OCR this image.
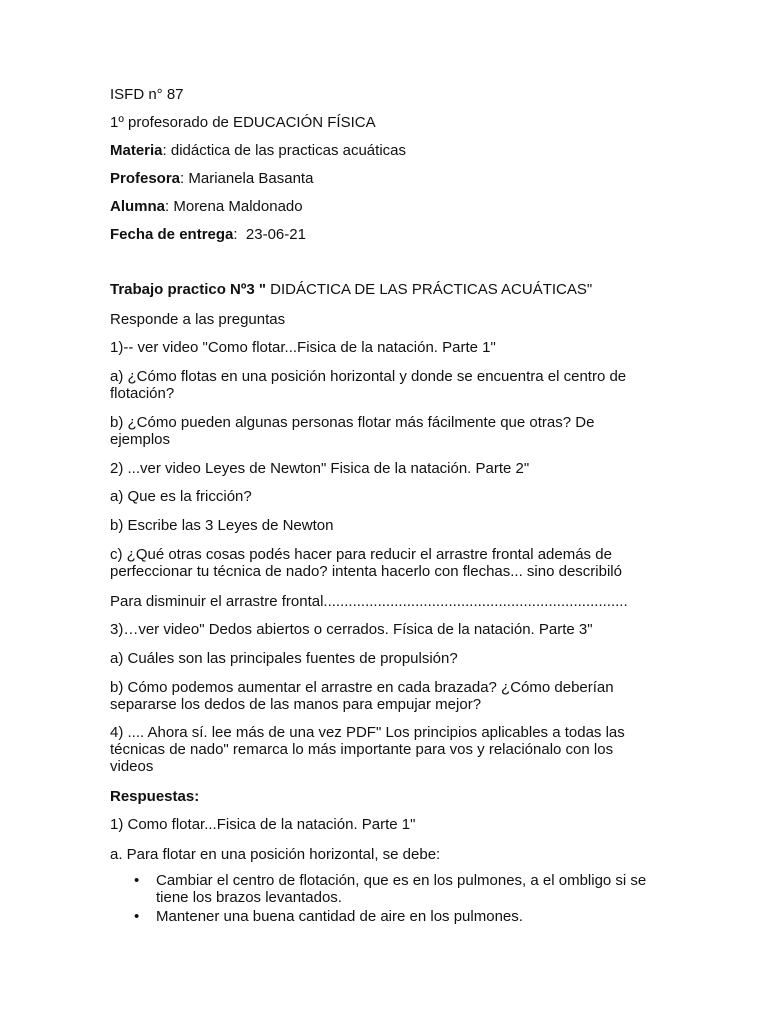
ISFD n° 87

1º profesorado de EDUCACIÓN FÍSICA

Materia: didáctica de las practicas acuáticas

Profesora: Marianela Basanta

Alumna: Morena Maldonado

Fecha de entrega:  23-06-21

Trabajo practico Nº3 " DIDÁCTICA DE LAS PRÁCTICAS ACUÁTICAS"

Responde a las preguntas

1)-- ver video "Como flotar...Fisica de la natación. Parte 1"

a) ¿Cómo flotas en una posición horizontal y donde se encuentra el centro de flotación?

b) ¿Cómo pueden algunas personas flotar más fácilmente que otras? De ejemplos

2) ...ver video Leyes de Newton" Fisica de la natación. Parte 2"

a) Que es la fricción?

b) Escribe las 3 Leyes de Newton

c) ¿Qué otras cosas podés hacer para reducir el arrastre frontal además de perfeccionar tu técnica de nado? intenta hacerlo con flechas... sino describiló

Para disminuir el arrastre frontal.........................................................................

3)…ver video" Dedos abiertos o cerrados. Física de la natación. Parte 3"

a) Cuáles son las principales fuentes de propulsión?

b) Cómo podemos aumentar el arrastre en cada brazada? ¿Cómo deberían separarse los dedos de las manos para empujar mejor?

4) .... Ahora sí. lee más de una vez PDF" Los principios aplicables a todas las técnicas de nado" remarca lo más importante para vos y relaciónalo con los videos

Respuestas:

1) Como flotar...Fisica de la natación. Parte 1"

a. Para flotar en una posición horizontal, se debe:

• Cambiar el centro de flotación, que es en los pulmones, a el ombligo si se tiene los brazos levantados.
• Mantener una buena cantidad de aire en los pulmones.
